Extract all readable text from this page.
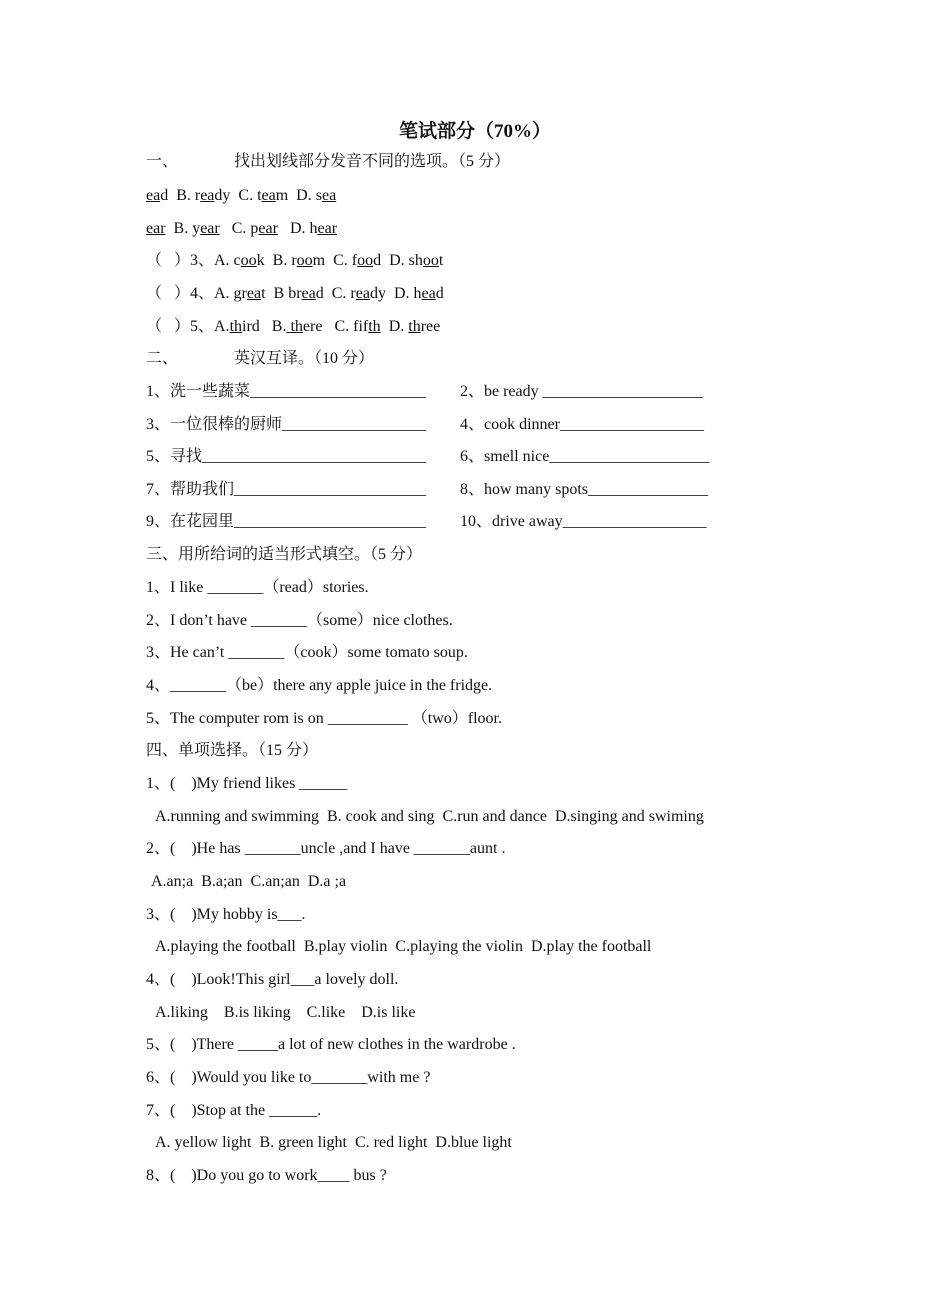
笔试部分（70%）
一、	找出划线部分发音不同的选项。（5 分）
ead  B. ready  C. team  D. sea
ear  B. year   C. pear   D. hear
（   ）3、A. cook  B. room  C. food  D. shoot
（   ）4、A. great  B bread  C. ready  D. head
（   ）5、A.third   B. there   C. fifth  D. three
二、	英汉互译。（10 分）
1、洗一些蔬菜______________________ 2、be ready ____________________
3、一位很棒的厨师__________________ 4、cook dinner__________________
5、寻找____________________________ 6、smell nice____________________
7、帮助我们________________________ 8、how many spots_______________
9、在花园里________________________ 10、drive away__________________
三、用所给词的适当形式填空。（5 分）
1、I like _______（read）stories.
2、I don’t have _______（some）nice clothes.
3、He can’t _______（cook）some tomato soup.
4、_______（be）there any apple juice in the fridge.
5、The computer rom is on __________ （two）floor.
四、单项选择。（15 分）
1、(    )My friend likes ______
A.running and swimming  B. cook and sing  C.run and dance  D.singing and swiming
2、(    )He has _______uncle ,and I have _______aunt .
A.an;a  B.a;an  C.an;an  D.a ;a
3、(    )My hobby is___.
A.playing the football  B.play violin  C.playing the violin  D.play the football
4、(    )Look!This girl___a lovely doll.
A.liking    B.is liking    C.like    D.is like
5、(    )There _____a lot of new clothes in the wardrobe .
6、(    )Would you like to_______with me ?
7、(    )Stop at the ______.
A. yellow light  B. green light  C. red light  D.blue light
8、(    )Do you go to work____ bus ?
